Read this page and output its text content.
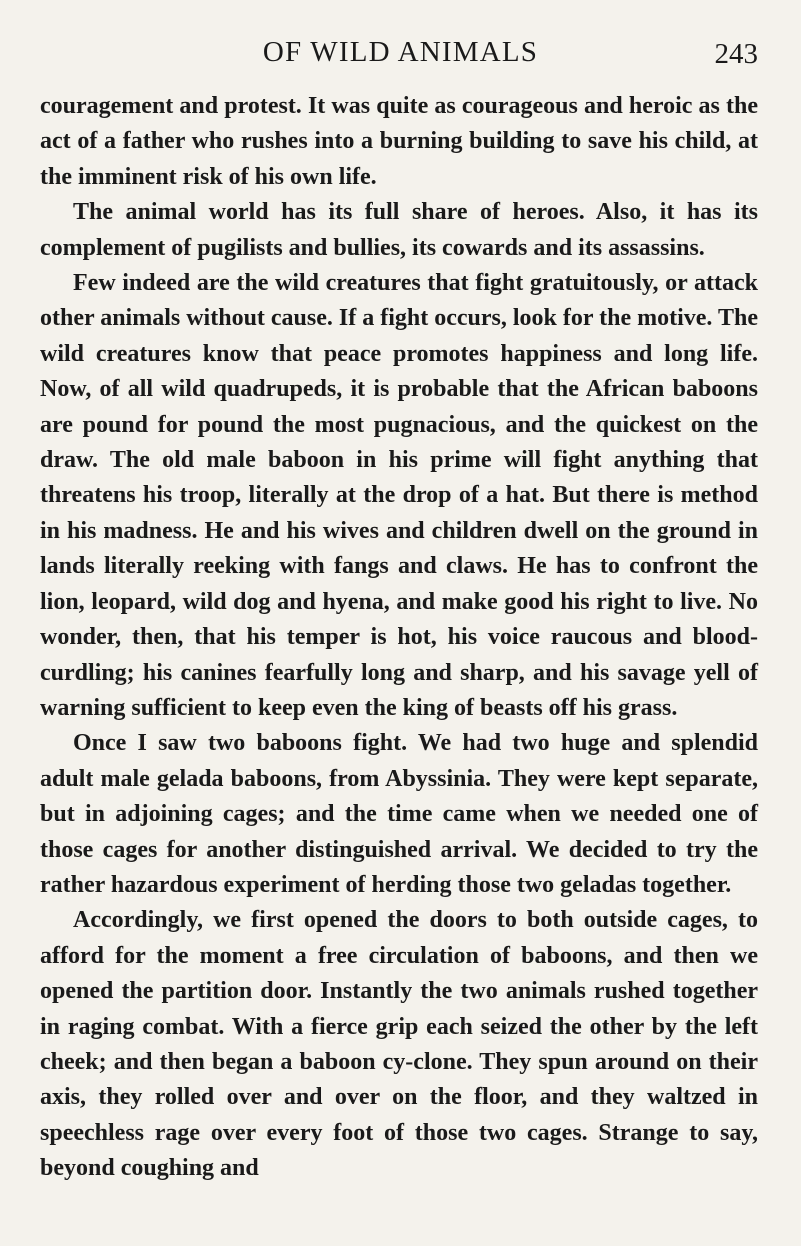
OF WILD ANIMALS	243

couragement and protest. It was quite as courageous and heroic as the act of a father who rushes into a burning building to save his child, at the imminent risk of his own life.

The animal world has its full share of heroes. Also, it has its complement of pugilists and bullies, its cowards and its assassins.

Few indeed are the wild creatures that fight gratuitously, or attack other animals without cause. If a fight occurs, look for the motive. The wild creatures know that peace promotes happiness and long life. Now, of all wild quadrupeds, it is probable that the African baboons are pound for pound the most pugnacious, and the quickest on the draw. The old male baboon in his prime will fight anything that threatens his troop, literally at the drop of a hat. But there is method in his madness. He and his wives and children dwell on the ground in lands literally reeking with fangs and claws. He has to confront the lion, leopard, wild dog and hyena, and make good his right to live. No wonder, then, that his temper is hot, his voice raucous and blood-curdling; his canines fearfully long and sharp, and his savage yell of warning sufficient to keep even the king of beasts off his grass.

Once I saw two baboons fight. We had two huge and splendid adult male gelada baboons, from Abyssinia. They were kept separate, but in adjoining cages; and the time came when we needed one of those cages for another distinguished arrival. We decided to try the rather hazardous experiment of herding those two geladas together.

Accordingly, we first opened the doors to both outside cages, to afford for the moment a free circulation of baboons, and then we opened the partition door. Instantly the two animals rushed together in raging combat. With a fierce grip each seized the other by the left cheek; and then began a baboon cy-clone. They spun around on their axis, they rolled over and over on the floor, and they waltzed in speechless rage over every foot of those two cages. Strange to say, beyond coughing and
